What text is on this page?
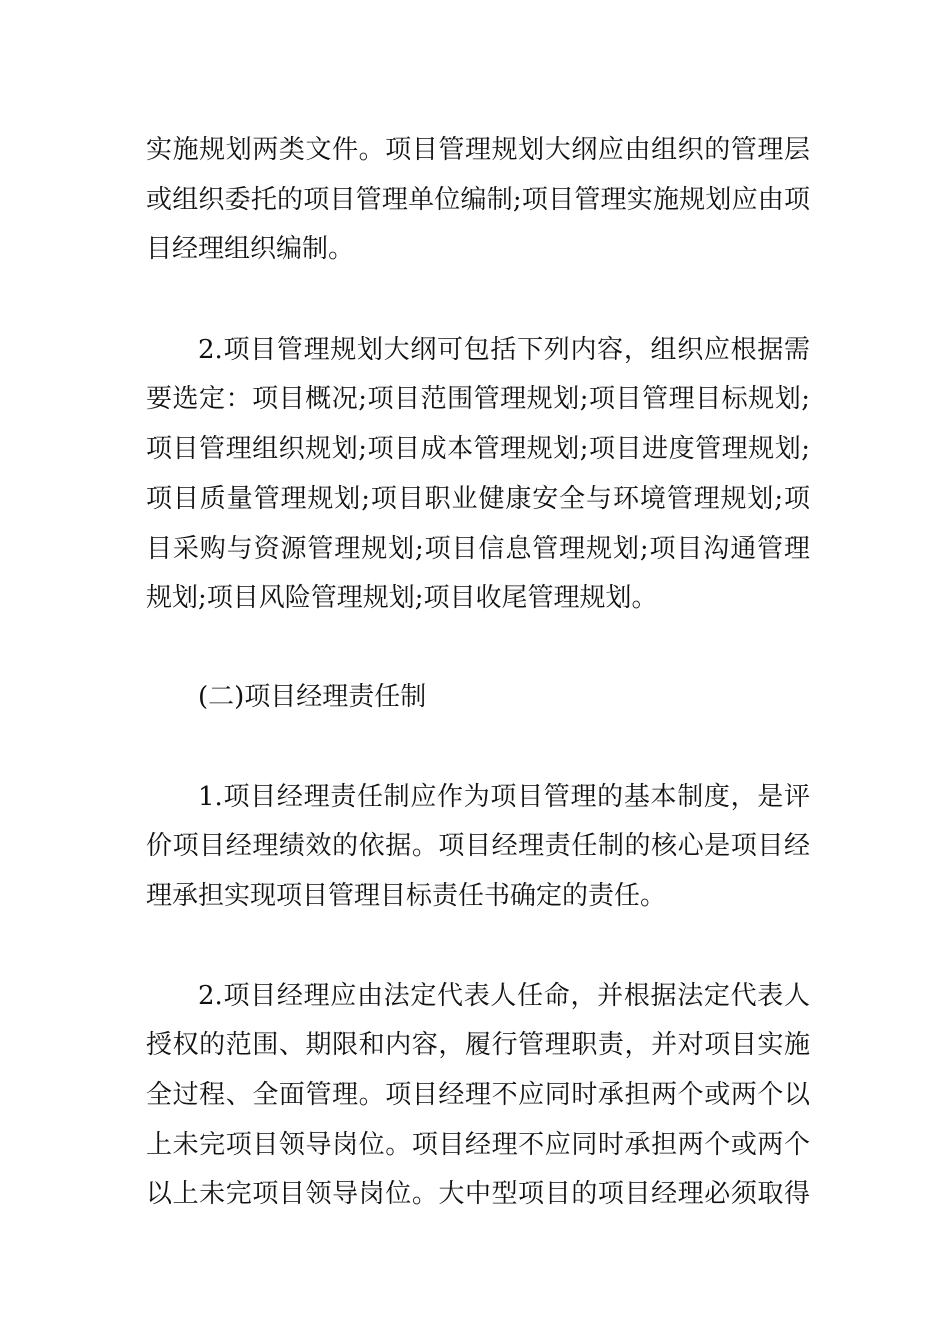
实施规划两类文件。项目管理规划大纲应由组织的管理层
或组织委托的项目管理单位编制;项目管理实施规划应由项
目经理组织编制。
2.项目管理规划大纲可包括下列内容，组织应根据需
要选定：项目概况;项目范围管理规划;项目管理目标规划;
项目管理组织规划;项目成本管理规划;项目进度管理规划;
项目质量管理规划;项目职业健康安全与环境管理规划;项
目采购与资源管理规划;项目信息管理规划;项目沟通管理
规划;项目风险管理规划;项目收尾管理规划。
(二)项目经理责任制
1.项目经理责任制应作为项目管理的基本制度，是评
价项目经理绩效的依据。项目经理责任制的核心是项目经
理承担实现项目管理目标责任书确定的责任。
2.项目经理应由法定代表人任命，并根据法定代表人
授权的范围、期限和内容，履行管理职责，并对项目实施
全过程、全面管理。项目经理不应同时承担两个或两个以
上未完项目领导岗位。项目经理不应同时承担两个或两个
以上未完项目领导岗位。大中型项目的项目经理必须取得
